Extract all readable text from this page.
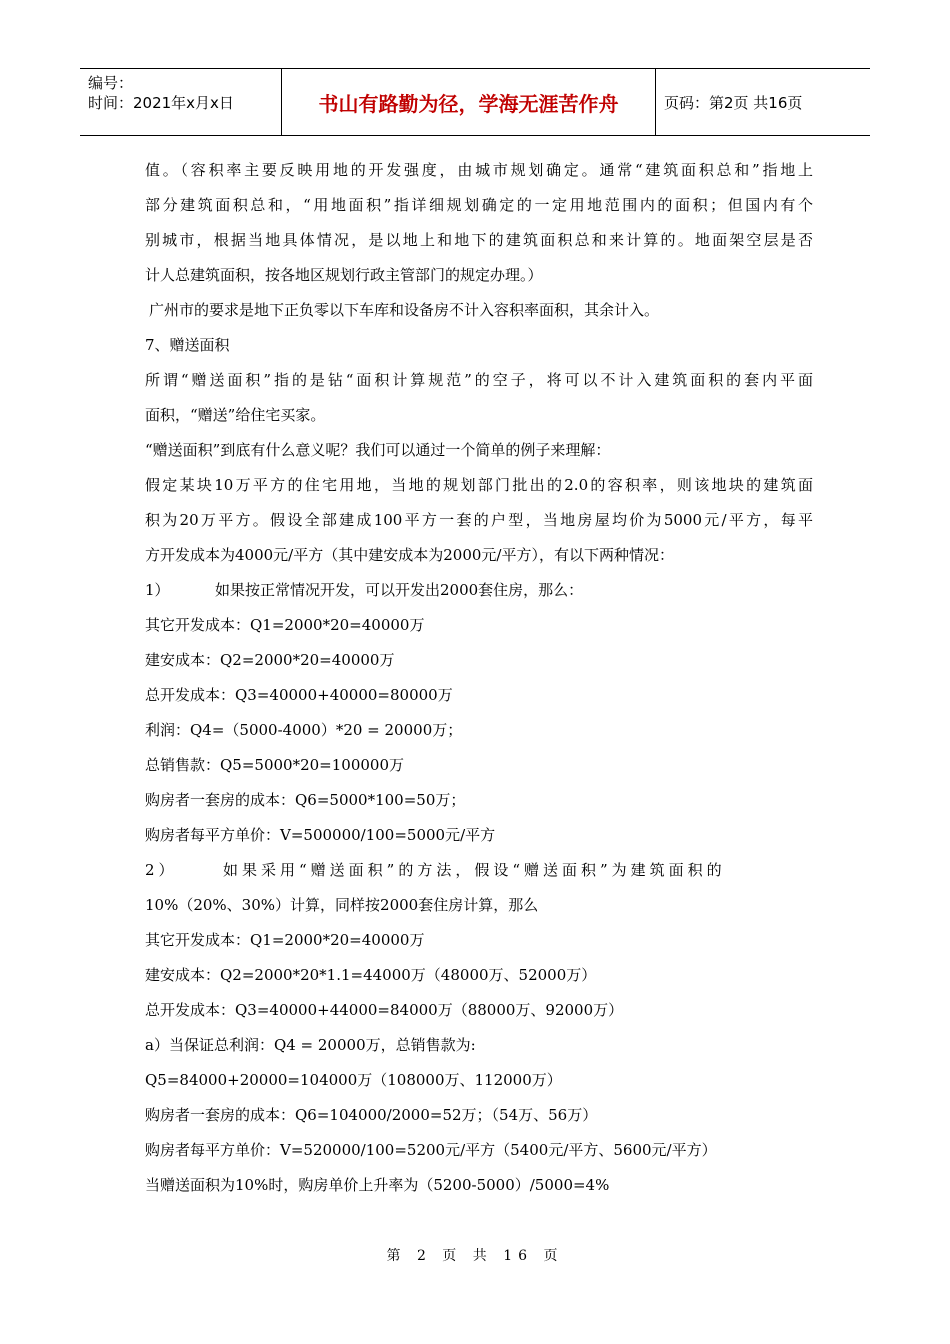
编号：
时间：2021年x月x日	书山有路勤为径，学海无涯苦作舟	页码：第2页 共16页
值。（容积率主要反映用地的开发强度，由城市规划确定。通常“建筑面积总和”指地上
部分建筑面积总和，“用地面积”指详细规划确定的一定用地范围内的面积；但国内有个
别城市，根据当地具体情况，是以地上和地下的建筑面积总和来计算的。地面架空层是否
计人总建筑面积，按各地区规划行政主管部门的规定办理。）
广州市的要求是地下正负零以下车库和设备房不计入容积率面积，其余计入。
7、赠送面积
所谓“赠送面积”指的是钻“面积计算规范”的空子，将可以不计入建筑面积的套内平面
面积，“赠送”给住宅买家。
“赠送面积”到底有什么意义呢？我们可以通过一个简单的例子来理解：
假定某块10万平方的住宅用地，当地的规划部门批出的2.0的容积率，则该地块的建筑面
积为20万平方。假设全部建成100平方一套的户型，当地房屋均价为5000元/平方，每平
方开发成本为4000元/平方（其中建安成本为2000元/平方），有以下两种情况：
1）	如果按正常情况开发，可以开发出2000套住房，那么：
其它开发成本：Q1=2000*20=40000万
建安成本：Q2=2000*20=40000万
总开发成本：Q3=40000+40000=80000万
利润：Q4=（5000-4000）*20 = 20000万；
总销售款：Q5=5000*20=100000万
购房者一套房的成本：Q6=5000*100=50万；
购房者每平方单价：V=500000/100=5000元/平方
2）	如果采用“赠送面积”的方法，假设“赠送面积”为建筑面积的
10%（20%、30%）计算，同样按2000套住房计算，那么
其它开发成本：Q1=2000*20=40000万
建安成本：Q2=2000*20*1.1=44000万（48000万、52000万）
总开发成本：Q3=40000+44000=84000万（88000万、92000万）
a）当保证总利润：Q4 = 20000万，总销售款为:
Q5=84000+20000=104000万（108000万、112000万）
购房者一套房的成本：Q6=104000/2000=52万；（54万、56万）
购房者每平方单价：V=520000/100=5200元/平方（5400元/平方、5600元/平方）
当赠送面积为10%时，购房单价上升率为（5200-5000）/5000=4%
第 2 页 共 16 页
